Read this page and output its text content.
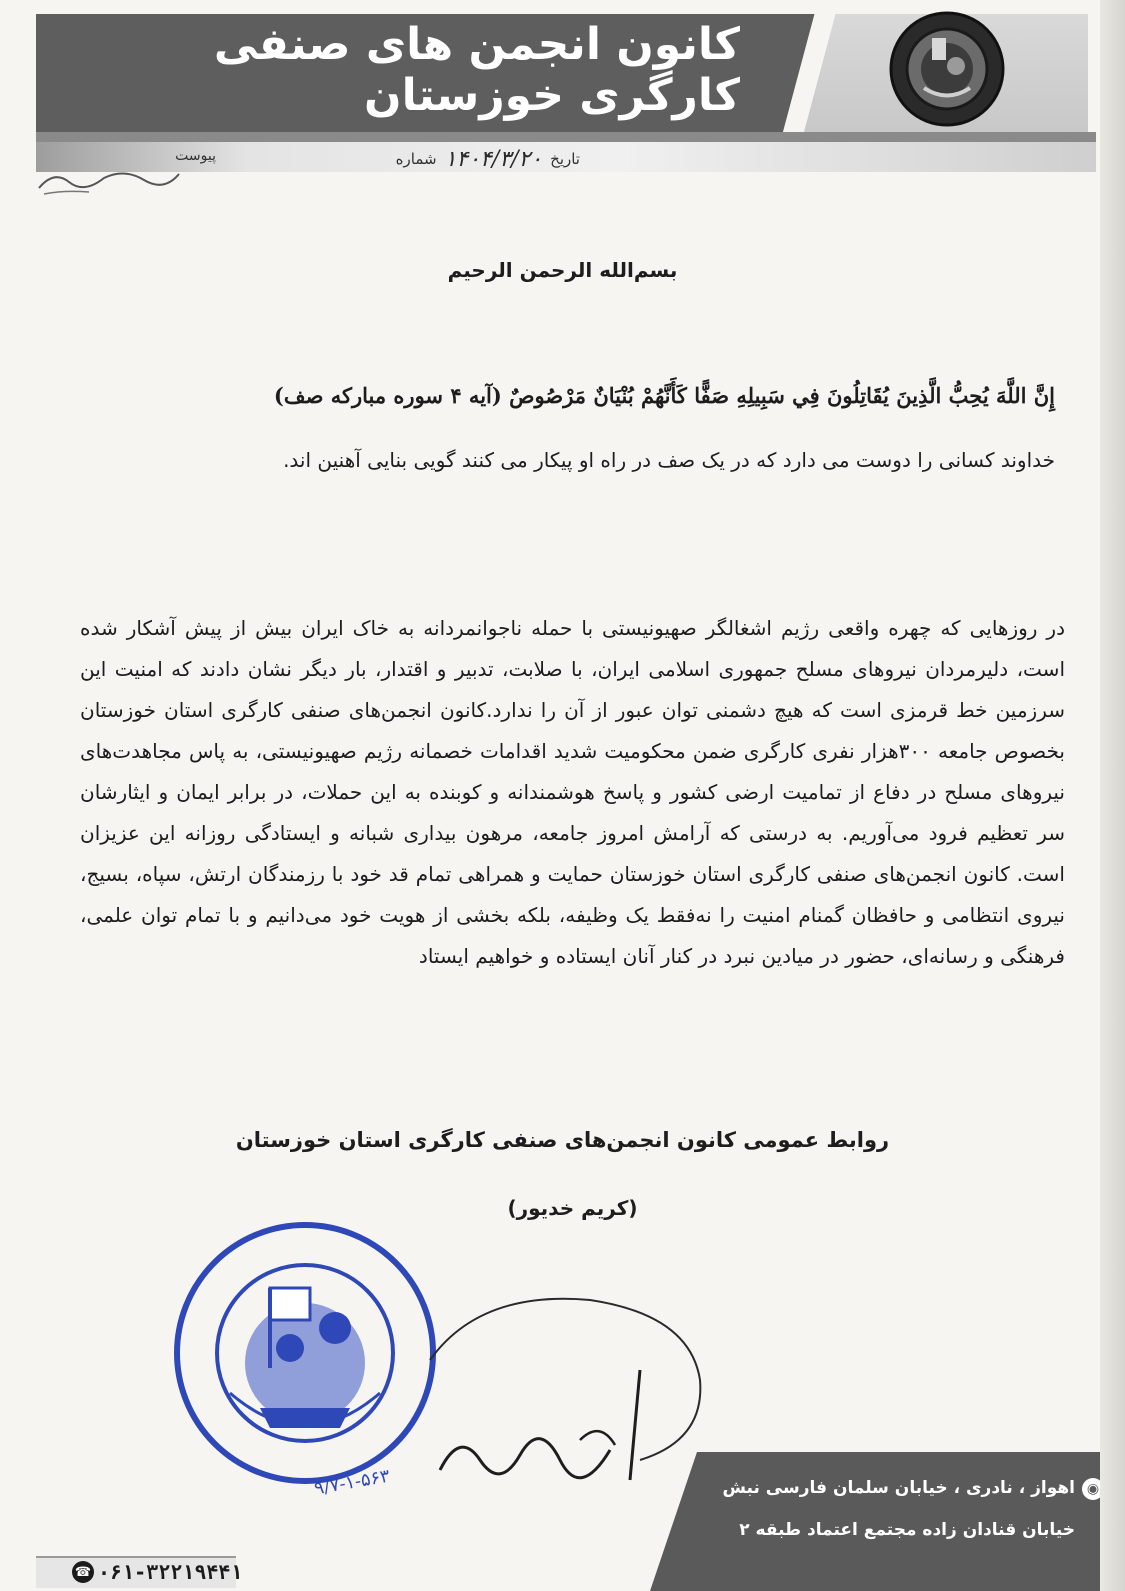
کانون انجمن های صنفی کارگری خوزستان
تاریخ
۱۴۰۴/۳/۲۰
شماره
پیوست
بسم‌الله الرحمن الرحیم
إِنَّ اللَّهَ يُحِبُّ الَّذِينَ يُقَاتِلُونَ فِي سَبِيلِهِ صَفًّا كَأَنَّهُمْ بُنْيَانٌ مَرْصُوصٌ (آیه ۴ سوره مبارکه صف)
خداوند کسانی را دوست می دارد که در یک صف در راه او پیکار می کنند گویی بنایی آهنین اند.
در روزهایی که چهره واقعی رژیم اشغالگر صهیونیستی با حمله ناجوانمردانه به خاک ایران بیش از پیش آشکار شده است، دلیرمردان نیروهای مسلح جمهوری اسلامی ایران، با صلابت، تدبیر و اقتدار، بار دیگر نشان دادند که امنیت این سرزمین خط قرمزی است که هیچ دشمنی توان عبور از آن را ندارد.کانون انجمن‌های صنفی کارگری استان خوزستان بخصوص جامعه ۳۰۰هزار نفری کارگری ضمن محکومیت شدید اقدامات خصمانه رژیم صهیونیستی، به پاس مجاهدت‌های نیروهای مسلح در دفاع از تمامیت ارضی کشور و پاسخ هوشمندانه و کوبنده به این حملات، در برابر ایمان و ایثارشان سر تعظیم فرود می‌آوریم. به درستی که آرامش امروز جامعه، مرهون بیداری شبانه و ایستادگی روزانه این عزیزان است. کانون انجمن‌های صنفی کارگری استان خوزستان حمایت و همراهی تمام قد خود با رزمندگان ارتش، سپاه، بسیج، نیروی انتظامی و حافظان گمنام امنیت را نه‌فقط یک وظیفه، بلکه بخشی از هویت خود می‌دانیم و با تمام توان علمی، فرهنگی و رسانه‌ای، حضور در میادین نبرد در کنار آنان ایستاده و خواهیم ایستاد
روابط عمومی کانون انجمن‌های صنفی کارگری استان خوزستان
(کریم خدیور)
۹/۷-۱-۵۶۳	◉
اهواز ، نادری ، خیابان سلمان فارسی نبش
خیابان قنادان زاده مجتمع اعتماد طبقه ۲
☎ ۰۶۱-۳۲۲۱۹۴۴۱
